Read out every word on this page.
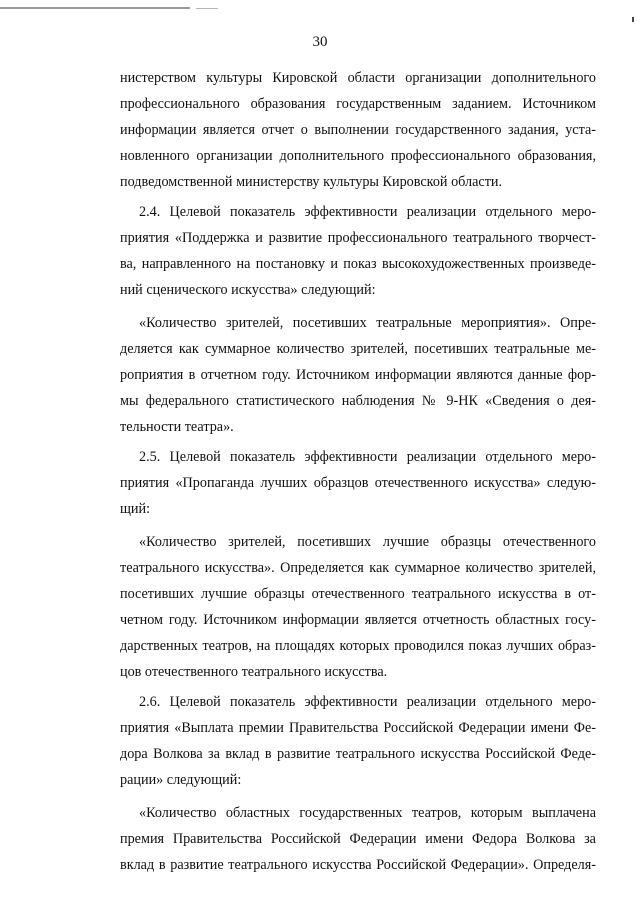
30
нистерством культуры Кировской области организации дополнительного
профессионального образования государственным заданием. Источником
информации является отчет о выполнении государственного задания, уста-
новленного организации дополнительного профессионального образования,
подведомственной министерству культуры Кировской области.
2.4. Целевой показатель эффективности реализации отдельного меро-
приятия «Поддержка и развитие профессионального театрального творчест-
ва, направленного на постановку и показ высокохудожественных произведе-
ний сценического искусства» следующий:
«Количество зрителей, посетивших театральные мероприятия». Опре-
деляется как суммарное количество зрителей, посетивших театральные ме-
роприятия в отчетном году. Источником информации являются данные фор-
мы федерального статистического наблюдения № 9-НК «Сведения о дея-
тельности театра».
2.5. Целевой показатель эффективности реализации отдельного меро-
приятия «Пропаганда лучших образцов отечественного искусства» следую-
щий:
«Количество зрителей, посетивших лучшие образцы отечественного
театрального искусства». Определяется как суммарное количество зрителей,
посетивших лучшие образцы отечественного театрального искусства в от-
четном году. Источником информации является отчетность областных госу-
дарственных театров, на площадях которых проводился показ лучших образ-
цов отечественного театрального искусства.
2.6. Целевой показатель эффективности реализации отдельного меро-
приятия «Выплата премии Правительства Российской Федерации имени Фе-
дора Волкова за вклад в развитие театрального искусства Российской Феде-
рации» следующий:
«Количество областных государственных театров, которым выплачена
премия Правительства Российской Федерации имени Федора Волкова за
вклад в развитие театрального искусства Российской Федерации». Определя-
